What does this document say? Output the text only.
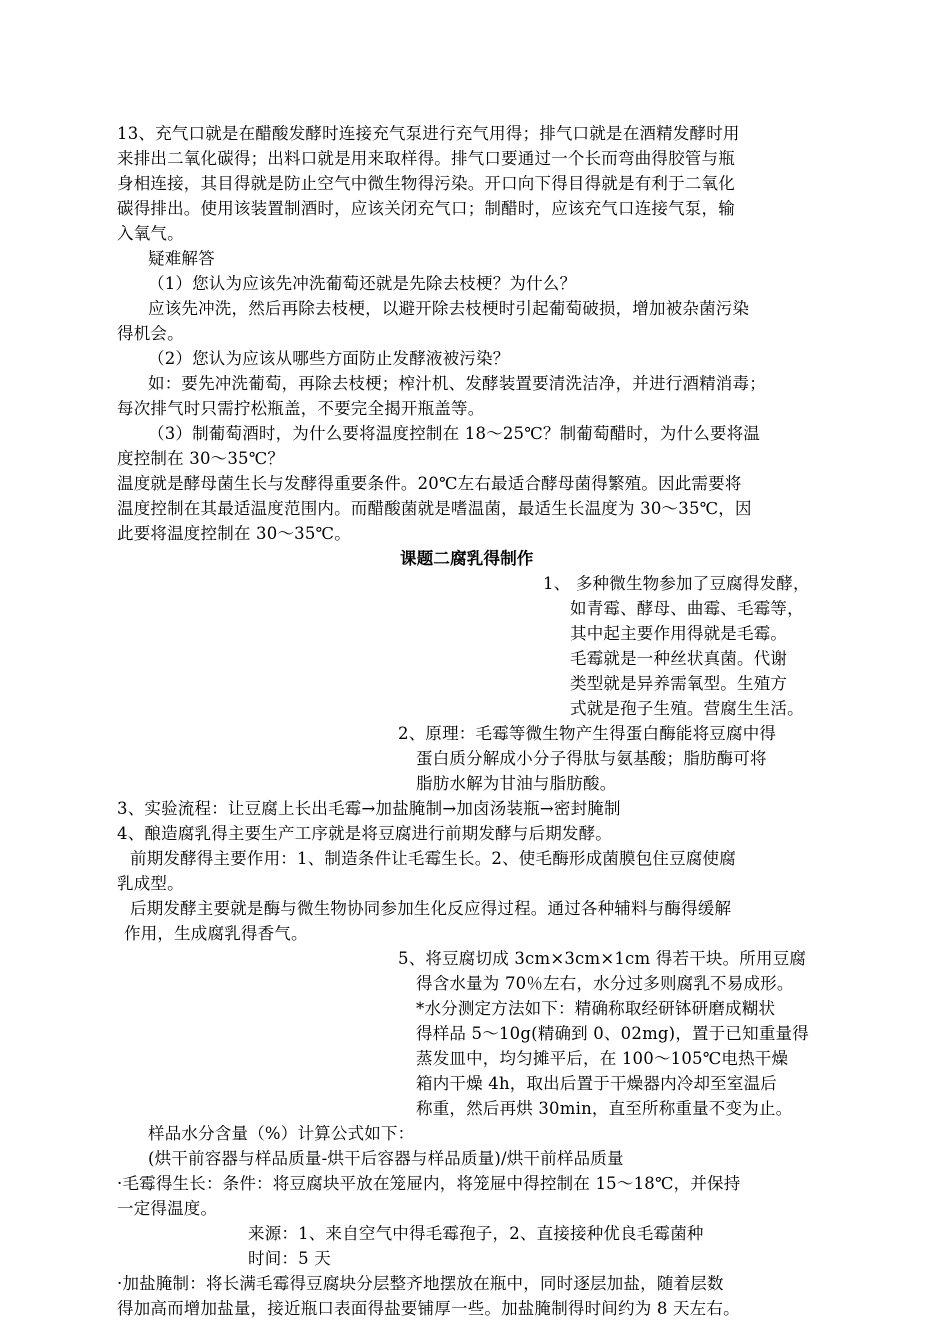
13、充气口就是在醋酸发酵时连接充气泵进行充气用得；排气口就是在酒精发酵时用
来排出二氧化碳得；出料口就是用来取样得。排气口要通过一个长而弯曲得胶管与瓶
身相连接，其目得就是防止空气中微生物得污染。开口向下得目得就是有利于二氧化
碳得排出。使用该装置制酒时，应该关闭充气口；制醋时，应该充气口连接气泵，输
入氧气。
疑难解答
（1）您认为应该先冲洗葡萄还就是先除去枝梗？为什么？
应该先冲洗，然后再除去枝梗，以避开除去枝梗时引起葡萄破损，增加被杂菌污染
得机会。
（2）您认为应该从哪些方面防止发酵液被污染？
如：要先冲洗葡萄，再除去枝梗；榨汁机、发酵装置要清洗洁净，并进行酒精消毒；
每次排气时只需拧松瓶盖，不要完全揭开瓶盖等。
（3）制葡萄酒时，为什么要将温度控制在 18～25℃？制葡萄醋时，为什么要将温
度控制在 30～35℃？
温度就是酵母菌生长与发酵得重要条件。20℃左右最适合酵母菌得繁殖。因此需要将
温度控制在其最适温度范围内。而醋酸菌就是嗜温菌，最适生长温度为 30～35℃，因
此要将温度控制在 30～35℃。
课题二腐乳得制作
1、 多种微生物参加了豆腐得发酵，
如青霉、酵母、曲霉、毛霉等，
其中起主要作用得就是毛霉。
毛霉就是一种丝状真菌。代谢
类型就是异养需氧型。生殖方
式就是孢子生殖。营腐生生活。
2、原理：毛霉等微生物产生得蛋白酶能将豆腐中得
蛋白质分解成小分子得肽与氨基酸；脂肪酶可将
脂肪水解为甘油与脂肪酸。
3、实验流程：让豆腐上长出毛霉→加盐腌制→加卤汤装瓶→密封腌制
4、酿造腐乳得主要生产工序就是将豆腐进行前期发酵与后期发酵。
前期发酵得主要作用：1、制造条件让毛霉生长。2、使毛酶形成菌膜包住豆腐使腐
乳成型。
后期发酵主要就是酶与微生物协同参加生化反应得过程。通过各种辅料与酶得缓解
作用，生成腐乳得香气。
5、将豆腐切成 3cm×3cm×1cm 得若干块。所用豆腐
得含水量为 70％左右，水分过多则腐乳不易成形。
*水分测定方法如下：精确称取经研钵研磨成糊状
得样品 5～10g(精确到 0、02mg)，置于已知重量得
蒸发皿中，均匀摊平后，在 100～105℃电热干燥
箱内干燥 4h，取出后置于干燥器内冷却至室温后
称重，然后再烘 30min，直至所称重量不变为止。
样品水分含量（%）计算公式如下：
(烘干前容器与样品质量-烘干后容器与样品质量)/烘干前样品质量
·毛霉得生长：条件：将豆腐块平放在笼屉内，将笼屉中得控制在 15～18℃，并保持
一定得温度。
来源：1、来自空气中得毛霉孢子，2、直接接种优良毛霉菌种
时间：5 天
·加盐腌制：将长满毛霉得豆腐块分层整齐地摆放在瓶中，同时逐层加盐，随着层数
得加高而增加盐量，接近瓶口表面得盐要铺厚一些。加盐腌制得时间约为 8 天左右。
